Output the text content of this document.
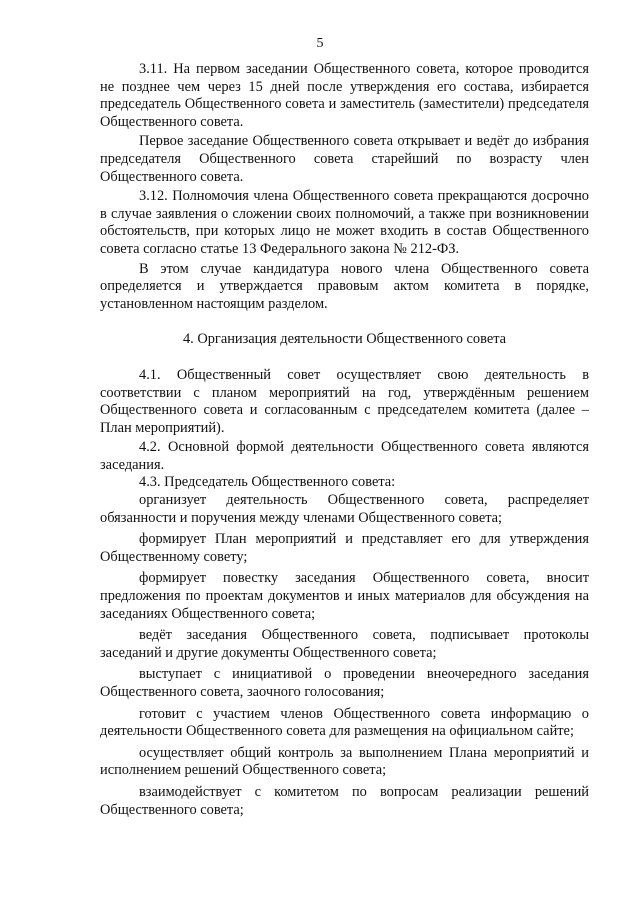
5

3.11. На первом заседании Общественного совета, которое проводится не позднее чем через 15 дней после утверждения его состава, избирается председатель Общественного совета и заместитель (заместители) председателя Общественного совета.

Первое заседание Общественного совета открывает и ведёт до избрания председателя Общественного совета старейший по возрасту член Общественного совета.

3.12. Полномочия члена Общественного совета прекращаются досрочно в случае заявления о сложении своих полномочий, а также при возникновении обстоятельств, при которых лицо не может входить в состав Общественного совета согласно статье 13 Федерального закона № 212-ФЗ.

В этом случае кандидатура нового члена Общественного совета определяется и утверждается правовым актом комитета в порядке, установленном настоящим разделом.

4. Организация деятельности Общественного совета

4.1. Общественный совет осуществляет свою деятельность в соответствии с планом мероприятий на год, утверждённым решением Общественного совета и согласованным с председателем комитета (далее – План мероприятий).

4.2. Основной формой деятельности Общественного совета являются заседания.

4.3. Председатель Общественного совета:

организует деятельность Общественного совета, распределяет обязанности и поручения между членами Общественного совета;

формирует План мероприятий и представляет его для утверждения Общественному совету;

формирует повестку заседания Общественного совета, вносит предложения по проектам документов и иных материалов для обсуждения на заседаниях Общественного совета;

ведёт заседания Общественного совета, подписывает протоколы заседаний и другие документы Общественного совета;

выступает с инициативой о проведении внеочередного заседания Общественного совета, заочного голосования;

готовит с участием членов Общественного совета информацию о деятельности Общественного совета для размещения на официальном сайте;

осуществляет общий контроль за выполнением Плана мероприятий и исполнением решений Общественного совета;

взаимодействует с комитетом по вопросам реализации решений Общественного совета;
